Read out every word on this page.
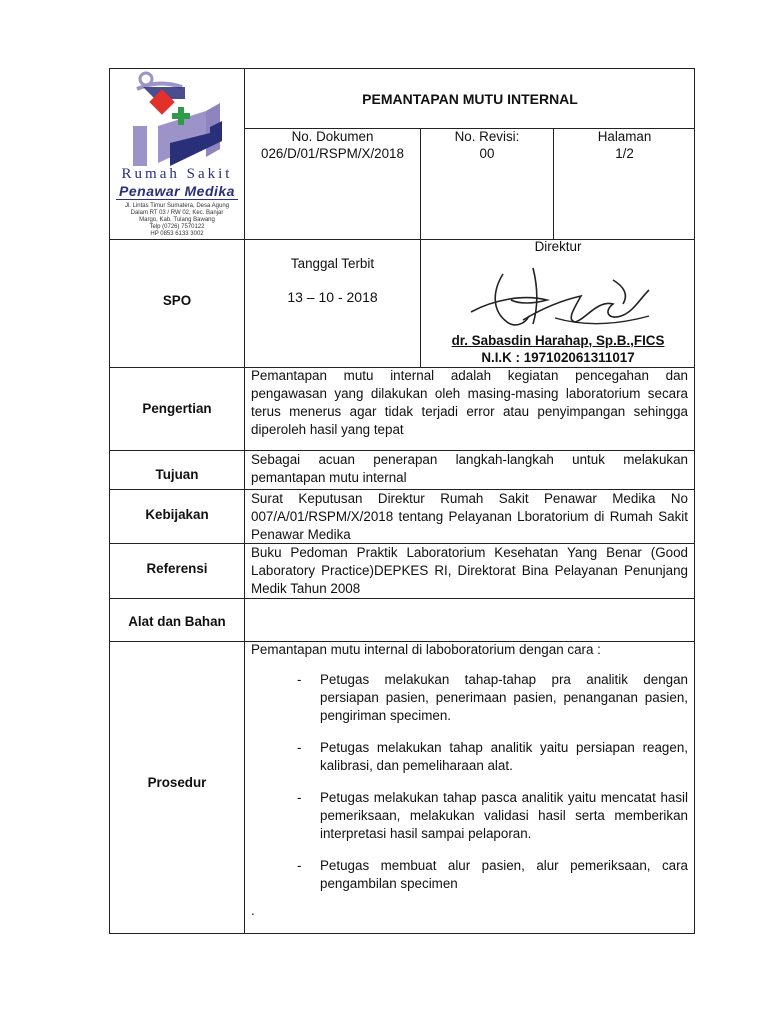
Rumah Sakit
Penawar Medika
Jl. Lintas Timur Sumatera, Desa Agung
Dalam RT 03 / RW 02, Kec. Banjar
Margo, Kab. Tulang Bawang
Telp (0726) 7570122
HP 0853 6133 3002
PEMANTAPAN MUTU INTERNAL
No. Dokumen
026/D/01/RSPM/X/2018
No. Revisi:
00
Halaman
1/2
SPO
Tanggal Terbit
13 – 10 - 2018
Direktur
dr. Sabasdin Harahap, Sp.B.,FICS
N.I.K : 197102061311017
Pengertian
Pemantapan mutu internal adalah kegiatan pencegahan dan pengawasan yang dilakukan oleh masing-masing laboratorium secara terus menerus agar tidak terjadi error atau penyimpangan sehingga diperoleh hasil yang tepat
Tujuan
Sebagai acuan penerapan langkah-langkah untuk melakukan pemantapan mutu internal
Kebijakan
Surat Keputusan Direktur Rumah Sakit Penawar Medika No 007/A/01/RSPM/X/2018 tentang Pelayanan Lboratorium di Rumah Sakit Penawar Medika
Referensi
Buku Pedoman Praktik Laboratorium Kesehatan Yang Benar (Good Laboratory Practice)DEPKES RI, Direktorat Bina Pelayanan Penunjang Medik Tahun 2008
Alat dan Bahan
Prosedur
Pemantapan mutu internal di laboboratorium dengan cara :
- Petugas melakukan tahap-tahap pra analitik dengan persiapan pasien, penerimaan pasien, penanganan pasien, pengiriman specimen.
- Petugas melakukan tahap analitik yaitu persiapan reagen, kalibrasi, dan pemeliharaan alat.
- Petugas melakukan tahap pasca analitik yaitu mencatat hasil pemeriksaan, melakukan validasi hasil serta memberikan interpretasi hasil sampai pelaporan.
- Petugas membuat alur pasien, alur pemeriksaan, cara pengambilan specimen
.
